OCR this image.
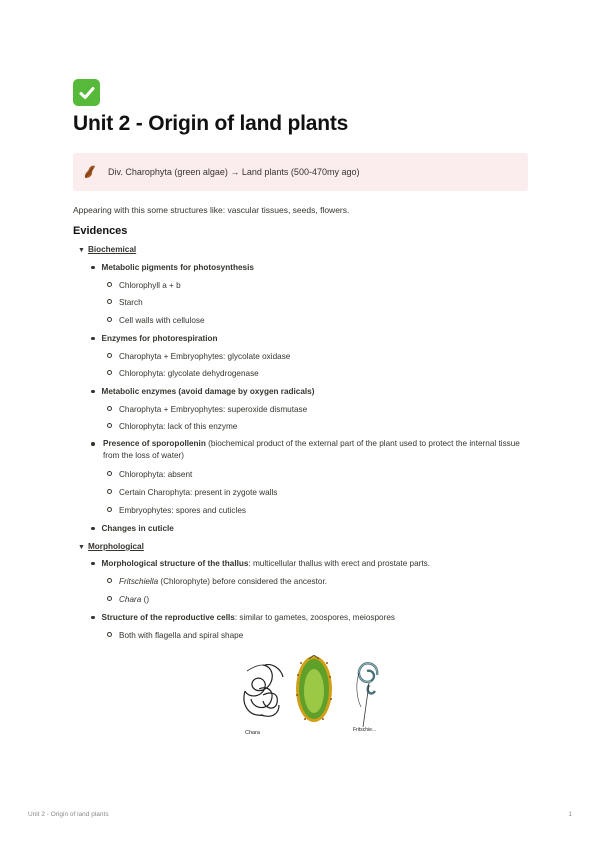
Unit 2 - Origin of land plants
Div. Charophyta (green algae) → Land plants (500-470my ago)

Appearing with this some structures like: vascular tissues, seeds, flowers.

Evidences
▼ Biochemical
Metabolic pigments for photosynthesis
Chlorophyll a + b
Starch
Cell walls with cellulose
Enzymes for photorespiration
Charophyta + Embryophytes: glycolate oxidase
Chlorophyta: glycolate dehydrogenase
Metabolic enzymes (avoid damage by oxygen radicals)
Charophyta + Embryophytes: superoxide dismutase
Chlorophyta: lack of this enzyme
Presence of sporopollenin (biochemical product of the external part of the plant used to protect the internal tissue from the loss of water)
Chlorophyta: absent
Certain Charophyta: present in zygote walls
Embryophytes: spores and cuticles
Changes in cuticle
▼ Morphological
Morphological structure of the thallus: multicellular thallus with erect and prostate parts.
Fritschiella (Chlorophyte) before considered the ancestor.
Chara ()
Structure of the reproductive cells: similar to gametes, zoospores, meiospores
Both with flagella and spiral shape
Chara	Fritschie...
Unit 2 - Origin of land plants	1
